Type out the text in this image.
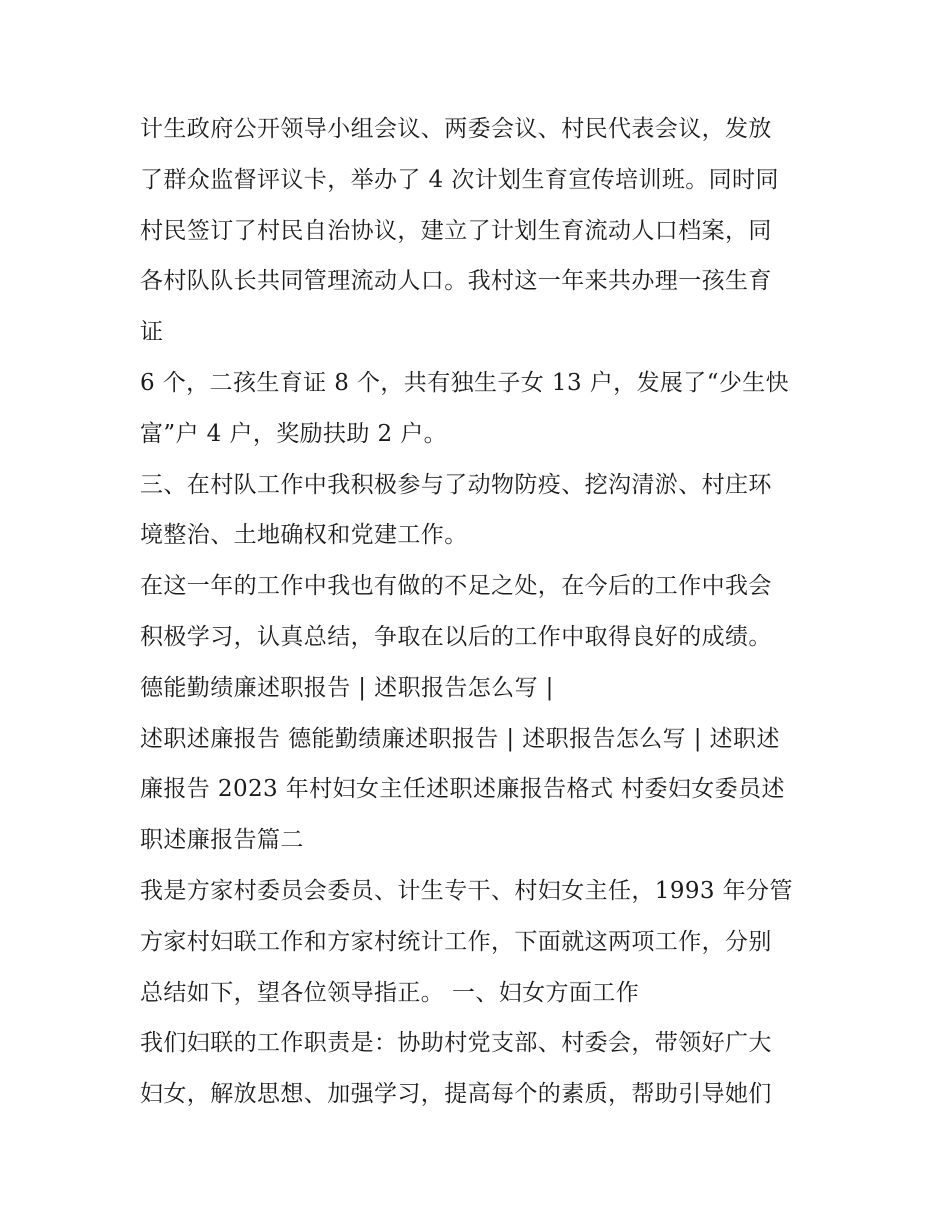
计生政府公开领导小组会议、两委会议、村民代表会议，发放
了群众监督评议卡，举办了 4 次计划生育宣传培训班。同时同
村民签订了村民自治协议，建立了计划生育流动人口档案，同
各村队队长共同管理流动人口。我村这一年来共办理一孩生育
证

6 个，二孩生育证 8 个，共有独生子女 13 户，发展了“少生快
富”户 4 户，奖励扶助 2 户。

三、在村队工作中我积极参与了动物防疫、挖沟清淤、村庄环
境整治、土地确权和党建工作。

在这一年的工作中我也有做的不足之处，在今后的工作中我会
积极学习，认真总结，争取在以后的工作中取得良好的成绩。

德能勤绩廉述职报告 | 述职报告怎么写 |

述职述廉报告 德能勤绩廉述职报告 | 述职报告怎么写 | 述职述
廉报告 2023 年村妇女主任述职述廉报告格式 村委妇女委员述
职述廉报告篇二

我是方家村委员会委员、计生专干、村妇女主任，1993 年分管
方家村妇联工作和方家村统计工作，下面就这两项工作，分别
总结如下，望各位领导指正。 一、妇女方面工作

我们妇联的工作职责是：协助村党支部、村委会，带领好广大
妇女，解放思想、加强学习，提高每个的素质，帮助引导她们
